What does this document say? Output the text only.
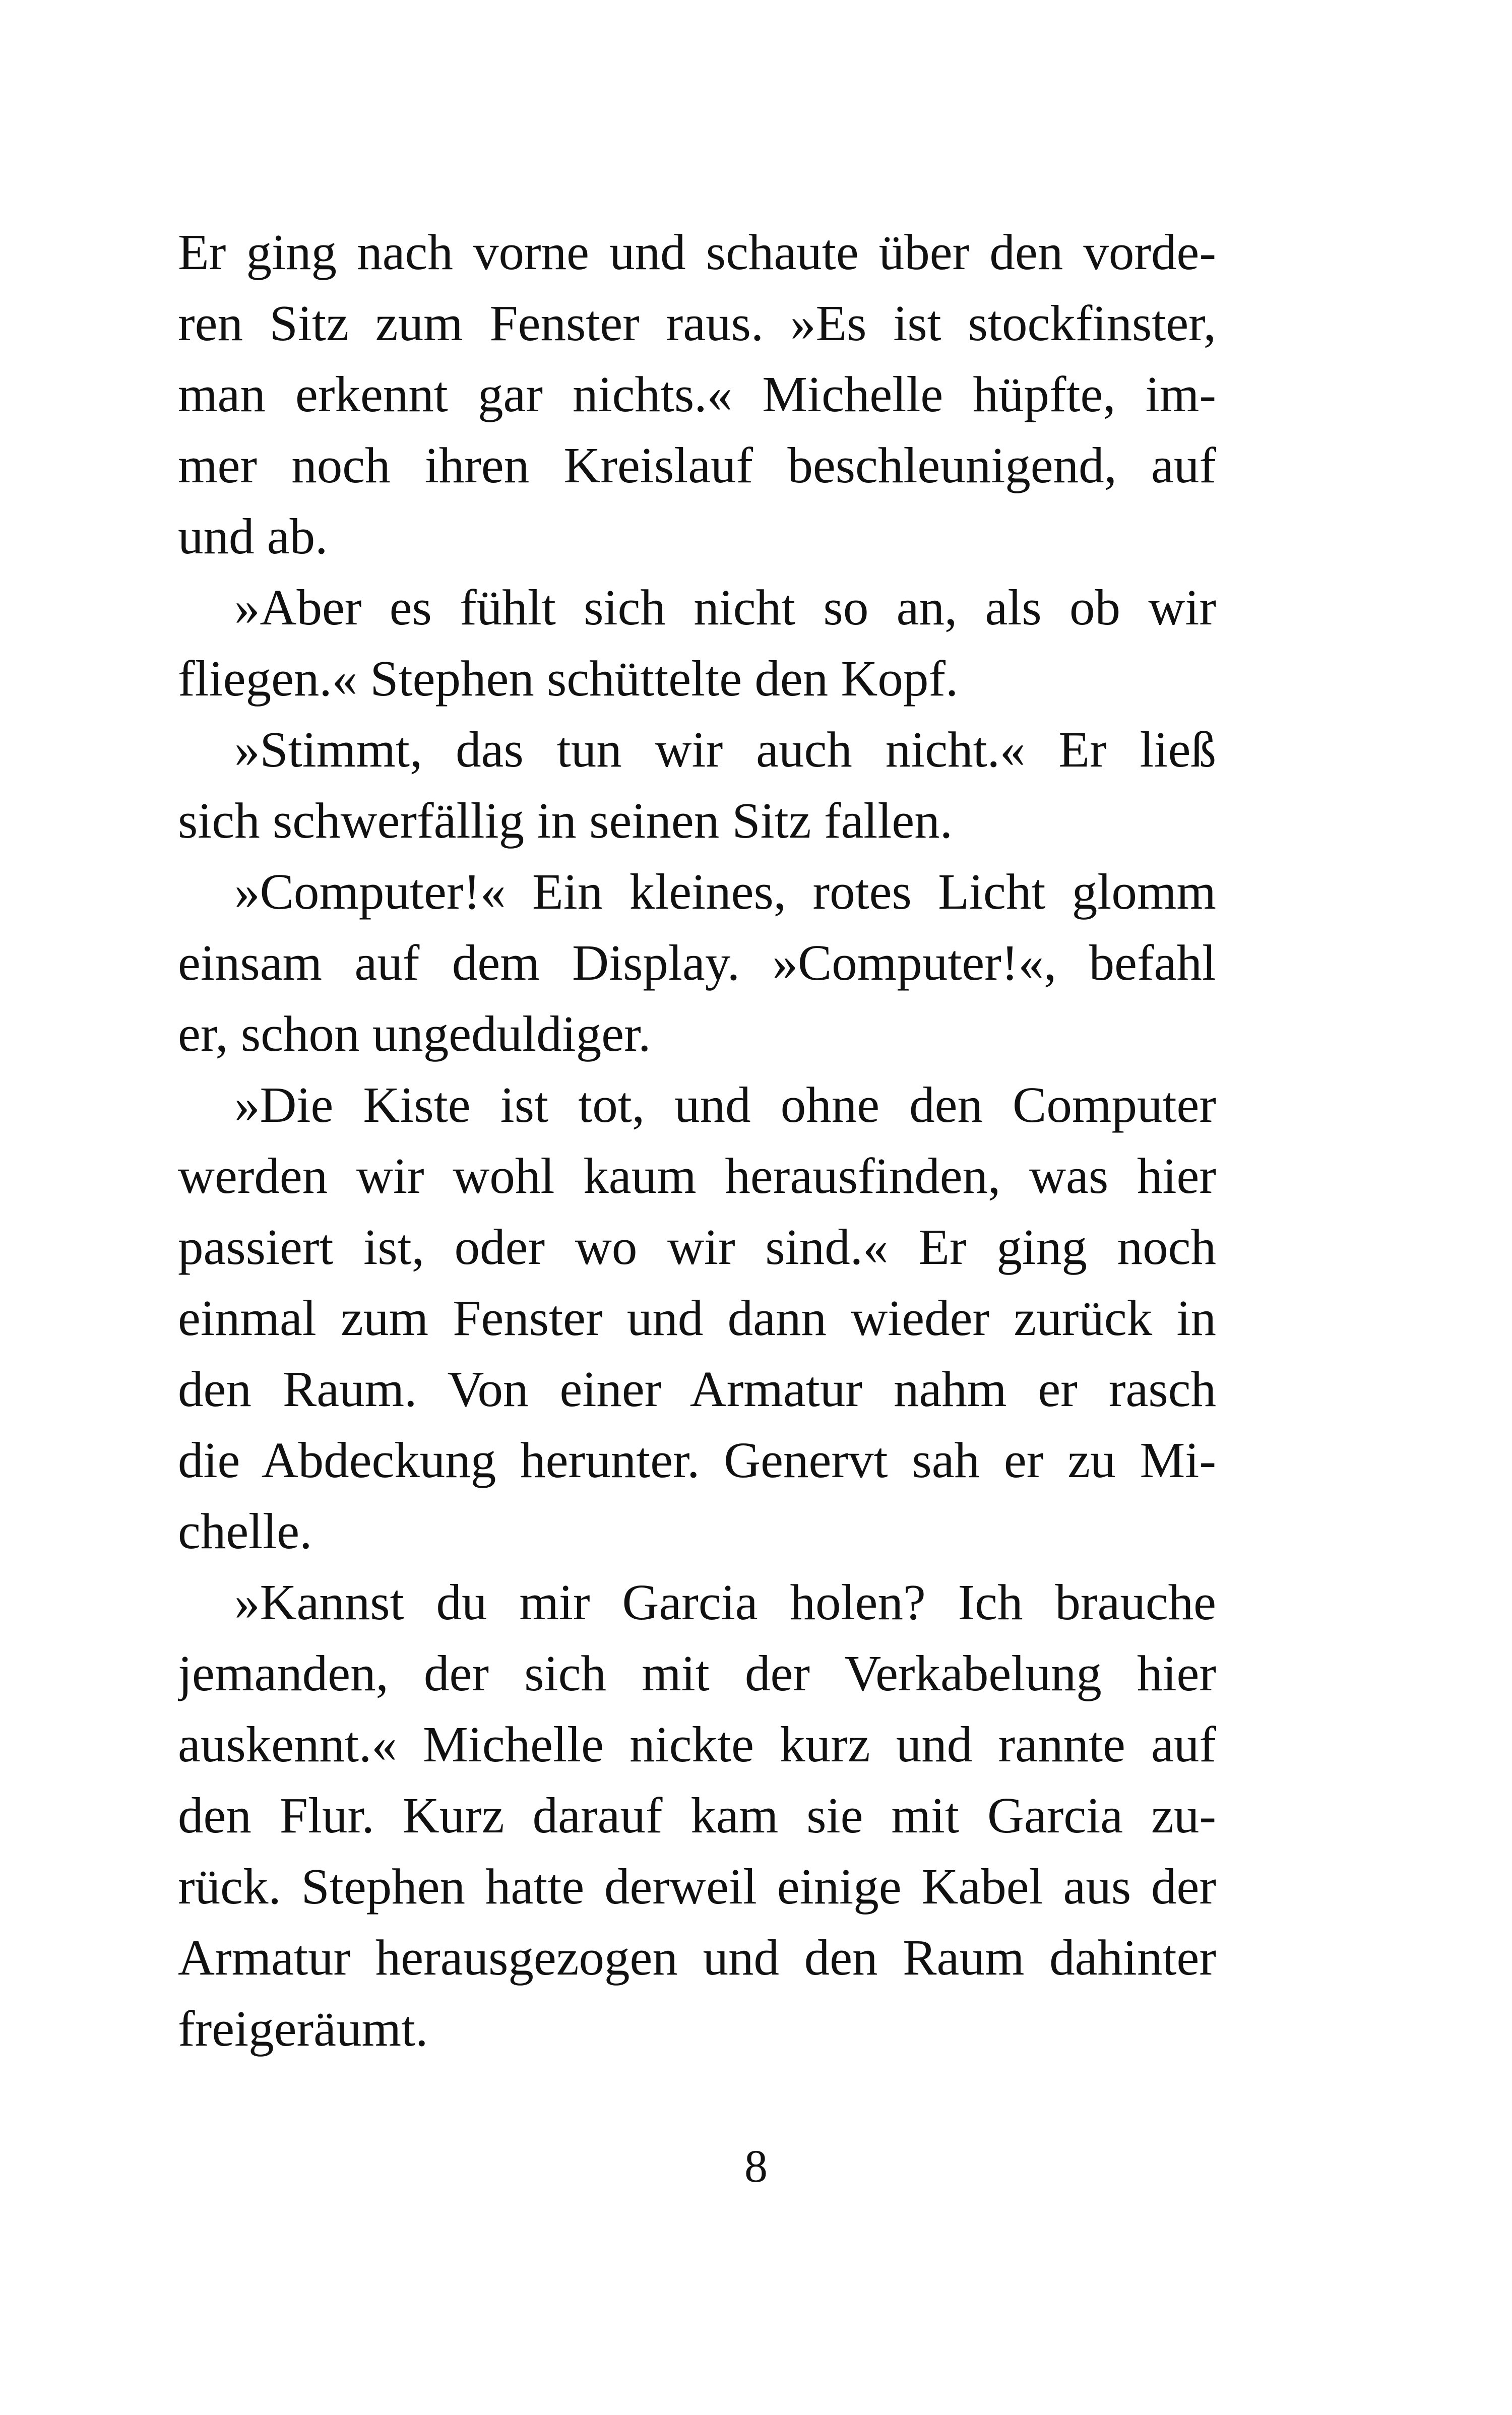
Er ging nach vorne und schaute über den vorde-
ren Sitz zum Fenster raus. »Es ist stockfinster,
man erkennt gar nichts.« Michelle hüpfte, im-
mer noch ihren Kreislauf beschleunigend, auf
und ab.
»Aber es fühlt sich nicht so an, als ob wir
fliegen.« Stephen schüttelte den Kopf.
»Stimmt, das tun wir auch nicht.« Er ließ
sich schwerfällig in seinen Sitz fallen.
»Computer!« Ein kleines, rotes Licht glomm
einsam auf dem Display. »Computer!«, befahl
er, schon ungeduldiger.
»Die Kiste ist tot, und ohne den Computer
werden wir wohl kaum herausfinden, was hier
passiert ist, oder wo wir sind.« Er ging noch
einmal zum Fenster und dann wieder zurück in
den Raum. Von einer Armatur nahm er rasch
die Abdeckung herunter. Genervt sah er zu Mi-
chelle.
»Kannst du mir Garcia holen? Ich brauche
jemanden, der sich mit der Verkabelung hier
auskennt.« Michelle nickte kurz und rannte auf
den Flur. Kurz darauf kam sie mit Garcia zu-
rück. Stephen hatte derweil einige Kabel aus der
Armatur herausgezogen und den Raum dahinter
freigeräumt.
8
